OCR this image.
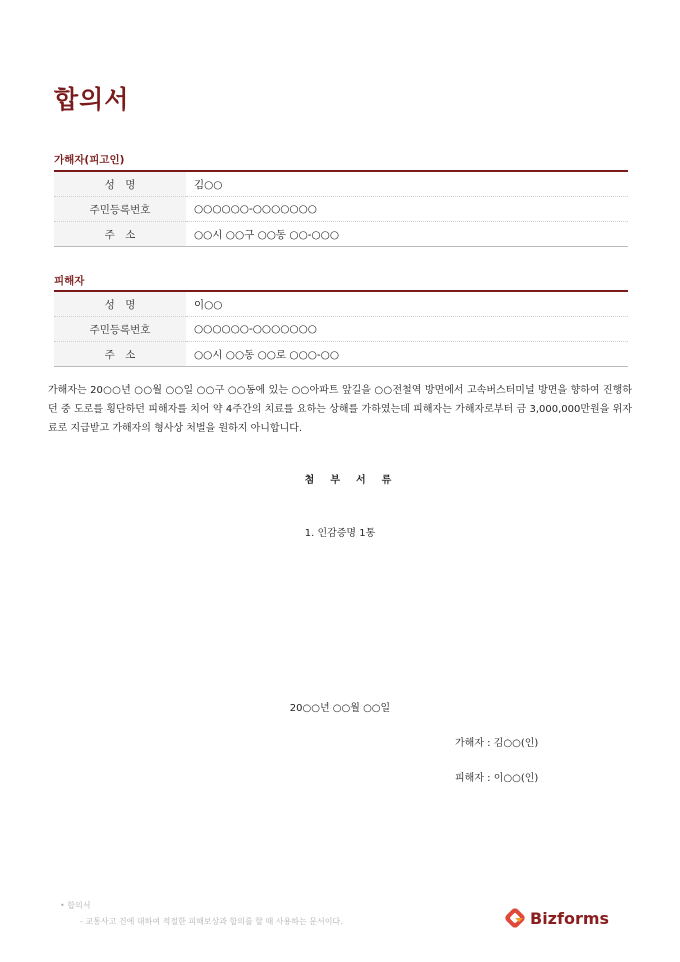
합의서
가해자(피고인)
성　명	김○○
주민등록번호	○○○○○○-○○○○○○○
주　소	○○시 ○○구 ○○동 ○○-○○○
피해자
성　명	이○○
주민등록번호	○○○○○○-○○○○○○○
주　소	○○시 ○○동 ○○로 ○○○-○○
가해자는 20○○년 ○○월 ○○일 ○○구 ○○동에 있는 ○○아파트 앞길을 ○○전철역 방면에서 고속버스터미널 방면을 향하여 진행하던 중 도로를 횡단하던 피해자를 치어 약 4주간의 치료를 요하는 상해를 가하였는데 피해자는 가해자로부터 금 3,000,000만원을 위자료로 지급받고 가해자의 형사상 처벌을 원하지 아니합니다.
첨부서류
1. 인감증명 1통
20○○년 ○○월 ○○일
가해자 : 김○○(인)
피해자 : 이○○(인)
• 합의서
- 교통사고 건에 대하여 적절한 피해보상과 합의를 할 때 사용하는 문서이다.	Bizforms
